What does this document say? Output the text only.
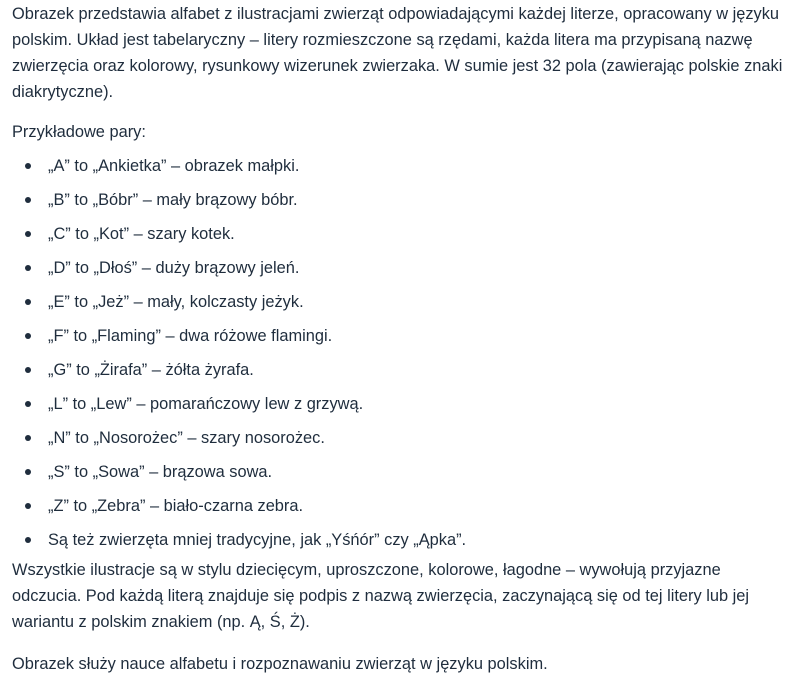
Obrazek przedstawia alfabet z ilustracjami zwierząt odpowiadającymi każdej literze, opracowany w języku polskim. Układ jest tabelaryczny – litery rozmieszczone są rzędami, każda litera ma przypisaną nazwę zwierzęcia oraz kolorowy, rysunkowy wizerunek zwierzaka. W sumie jest 32 pola (zawierając polskie znaki diakrytyczne).

Przykładowe pary:

„A” to „Ankietka” – obrazek małpki.
„B” to „Bóbr” – mały brązowy bóbr.
„C” to „Kot” – szary kotek.
„D” to „Dłoś” – duży brązowy jeleń.
„E” to „Jeż” – mały, kolczasty jeżyk.
„F” to „Flaming” – dwa różowe flamingi.
„G” to „Żirafa” – żółta żyrafa.
„L” to „Lew” – pomarańczowy lew z grzywą.
„N” to „Nosorożec” – szary nosorożec.
„S” to „Sowa” – brązowa sowa.
„Z” to „Zebra” – biało-czarna zebra.
Są też zwierzęta mniej tradycyjne, jak „Yśńór” czy „Ąpka”.

Wszystkie ilustracje są w stylu dziecięcym, uproszczone, kolorowe, łagodne – wywołują przyjazne odczucia. Pod każdą literą znajduje się podpis z nazwą zwierzęcia, zaczynającą się od tej litery lub jej wariantu z polskim znakiem (np. Ą, Ś, Ż).

Obrazek służy nauce alfabetu i rozpoznawaniu zwierząt w języku polskim.
